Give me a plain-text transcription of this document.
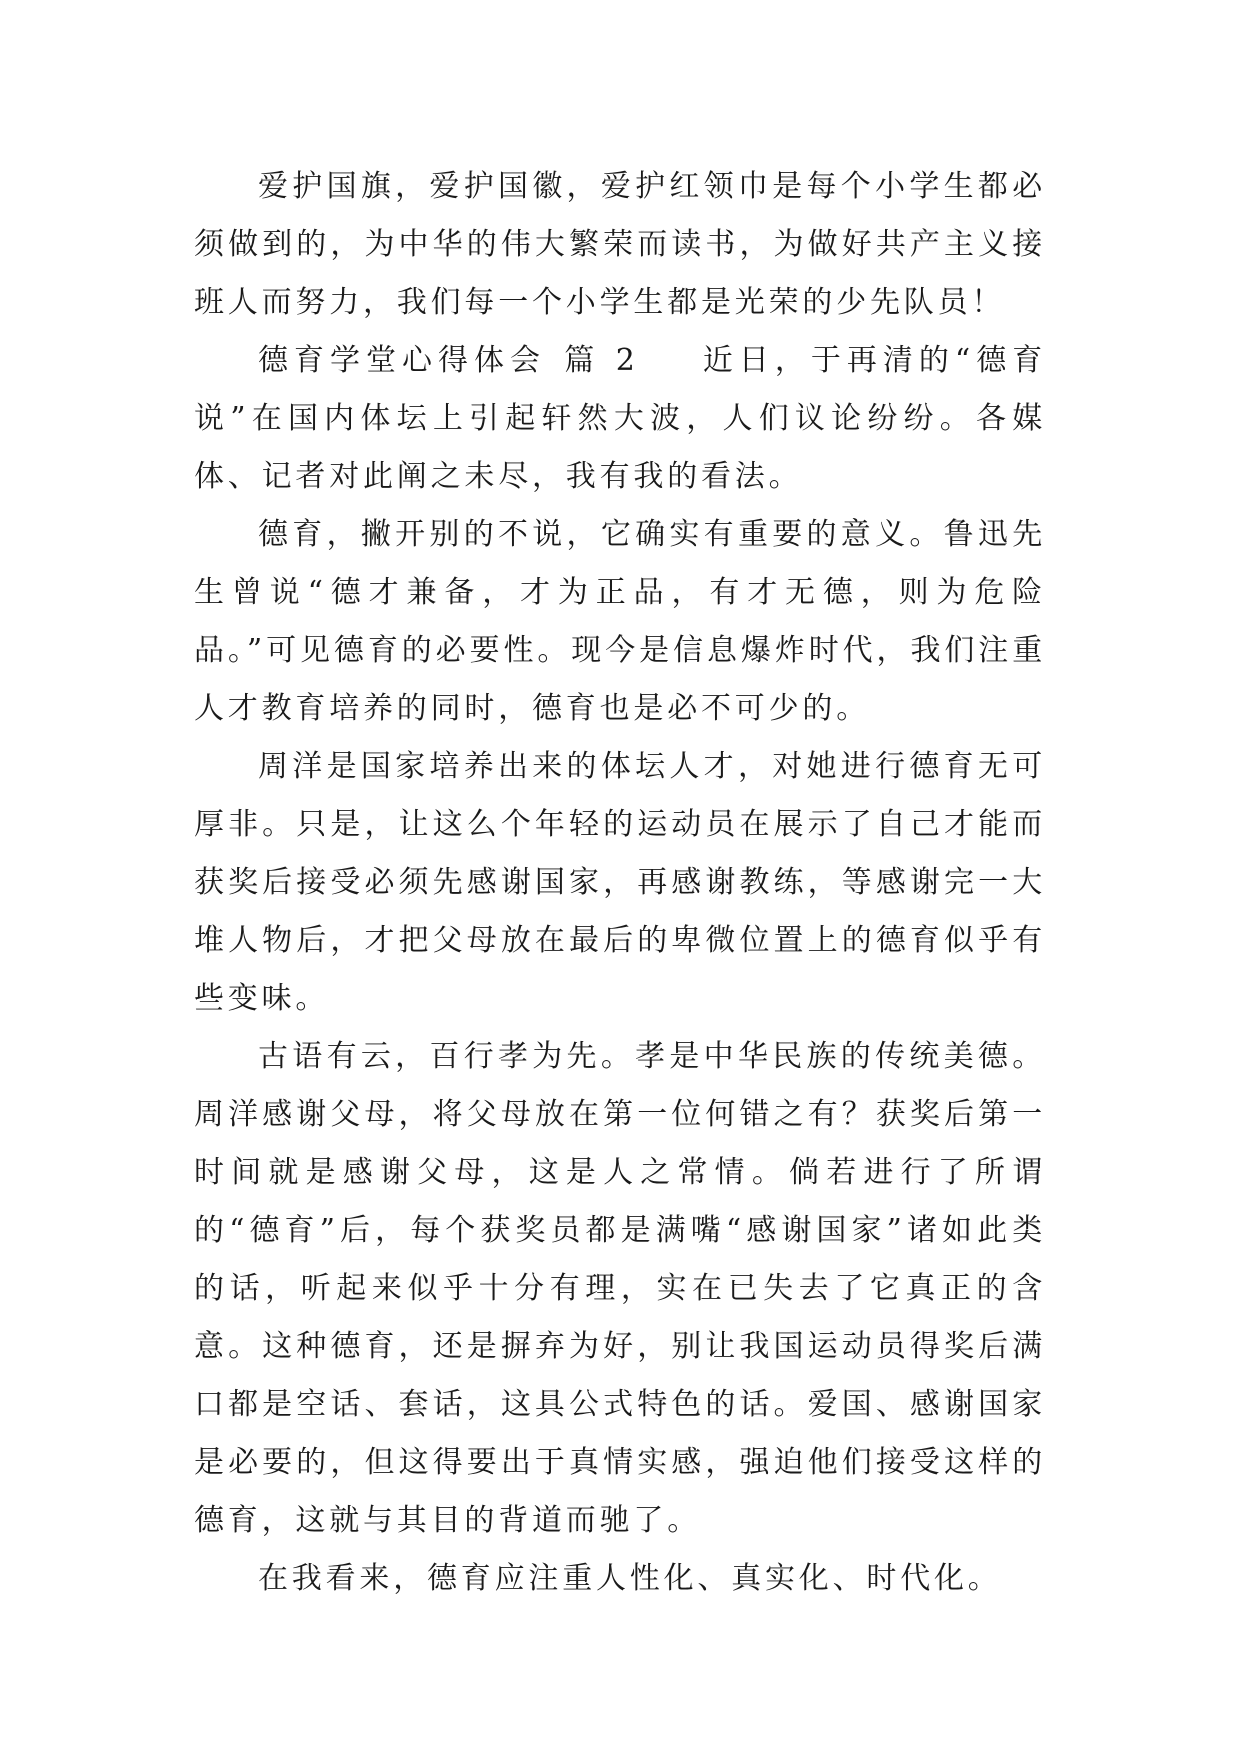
爱护国旗，爱护国徽，爱护红领巾是每个小学生都必须做到的，为中华的伟大繁荣而读书，为做好共产主义接班人而努力，我们每一个小学生都是光荣的少先队员！

德育学堂心得体会 篇 2 近日，于再清的“德育说”在国内体坛上引起轩然大波，人们议论纷纷。各媒体、记者对此阐之未尽，我有我的看法。

德育，撇开别的不说，它确实有重要的意义。鲁迅先生曾说“德才兼备，才为正品，有才无德，则为危险品。”可见德育的必要性。现今是信息爆炸时代，我们注重人才教育培养的同时，德育也是必不可少的。

周洋是国家培养出来的体坛人才，对她进行德育无可厚非。只是，让这么个年轻的运动员在展示了自己才能而获奖后接受必须先感谢国家，再感谢教练，等感谢完一大堆人物后，才把父母放在最后的卑微位置上的德育似乎有些变味。

古语有云，百行孝为先。孝是中华民族的传统美德。周洋感谢父母，将父母放在第一位何错之有？获奖后第一时间就是感谢父母，这是人之常情。倘若进行了所谓的“德育”后，每个获奖员都是满嘴“感谢国家”诸如此类的话，听起来似乎十分有理，实在已失去了它真正的含意。这种德育，还是摒弃为好，别让我国运动员得奖后满口都是空话、套话，这具公式特色的话。爱国、感谢国家是必要的，但这得要出于真情实感，强迫他们接受这样的德育，这就与其目的背道而驰了。

在我看来，德育应注重人性化、真实化、时代化。
